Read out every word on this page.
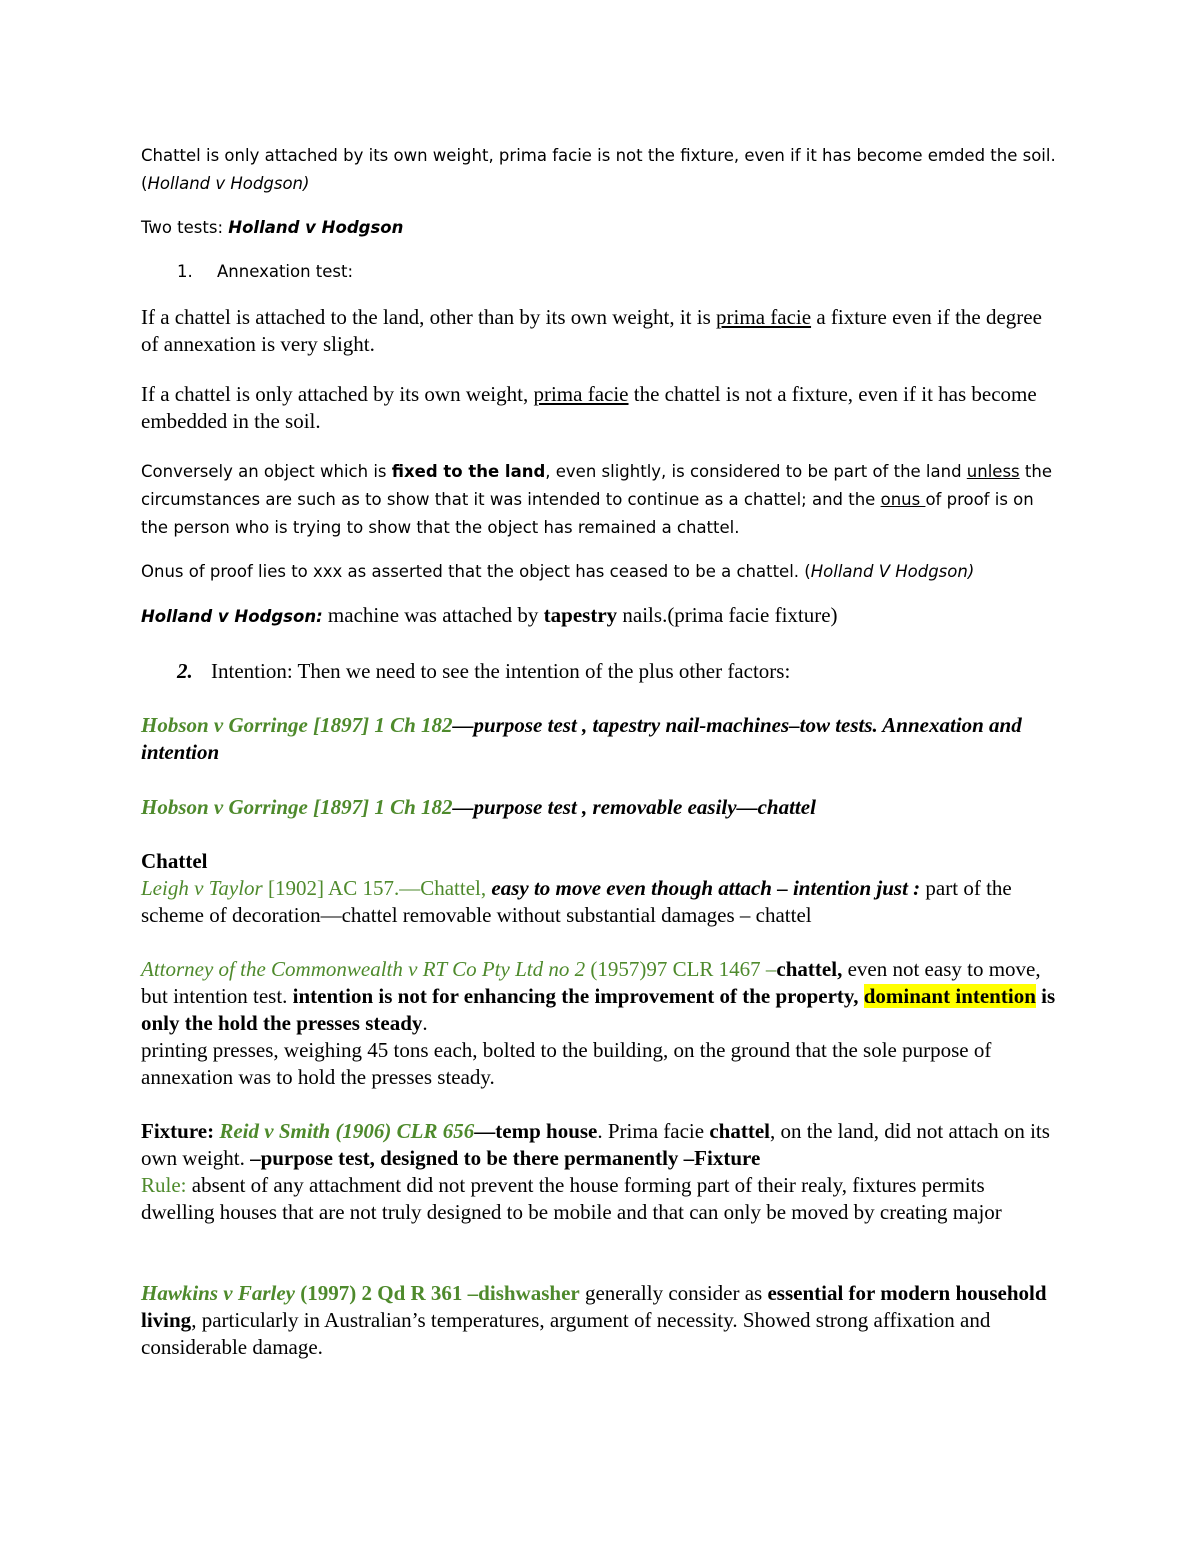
Chattel is only attached by its own weight, prima facie is not the fixture, even if it has become emded the soil. (Holland v Hodgson)
Two tests: Holland v Hodgson
1. Annexation test:
If a chattel is attached to the land, other than by its own weight, it is prima facie a fixture even if the degree of annexation is very slight.
If a chattel is only attached by its own weight, prima facie the chattel is not a fixture, even if it has become embedded in the soil.
Conversely an object which is fixed to the land, even slightly, is considered to be part of the land unless the circumstances are such as to show that it was intended to continue as a chattel; and the onus of proof is on the person who is trying to show that the object has remained a chattel.
Onus of proof lies to xxx as asserted that the object has ceased to be a chattel. (Holland V Hodgson)
Holland v Hodgson: machine was attached by tapestry nails.(prima facie fixture)
2. Intention: Then we need to see the intention of the plus other factors:
Hobson v Gorringe [1897] 1 Ch 182—purpose test , tapestry nail-machines–tow tests. Annexation and intention
Hobson v Gorringe [1897] 1 Ch 182—purpose test , removable easily—chattel
Chattel
Leigh v Taylor [1902] AC 157.—Chattel, easy to move even though attach – intention just : part of the scheme of decoration—chattel removable without substantial damages – chattel
Attorney of the Commonwealth v RT Co Pty Ltd no 2 (1957)97 CLR 1467 –chattel, even not easy to move, but intention test. intention is not for enhancing the improvement of the property, dominant intention is only the hold the presses steady.
printing presses, weighing 45 tons each, bolted to the building, on the ground that the sole purpose of annexation was to hold the presses steady.
Fixture: Reid v Smith (1906) CLR 656—temp house. Prima facie chattel, on the land, did not attach on its own weight. –purpose test, designed to be there permanently –Fixture
Rule: absent of any attachment did not prevent the house forming part of their realy, fixtures permits dwelling houses that are not truly designed to be mobile and that can only be moved by creating major
Hawkins v Farley (1997) 2 Qd R 361 –dishwasher generally consider as essential for modern household living, particularly in Australian’s temperatures, argument of necessity. Showed strong affixation and considerable damage.
